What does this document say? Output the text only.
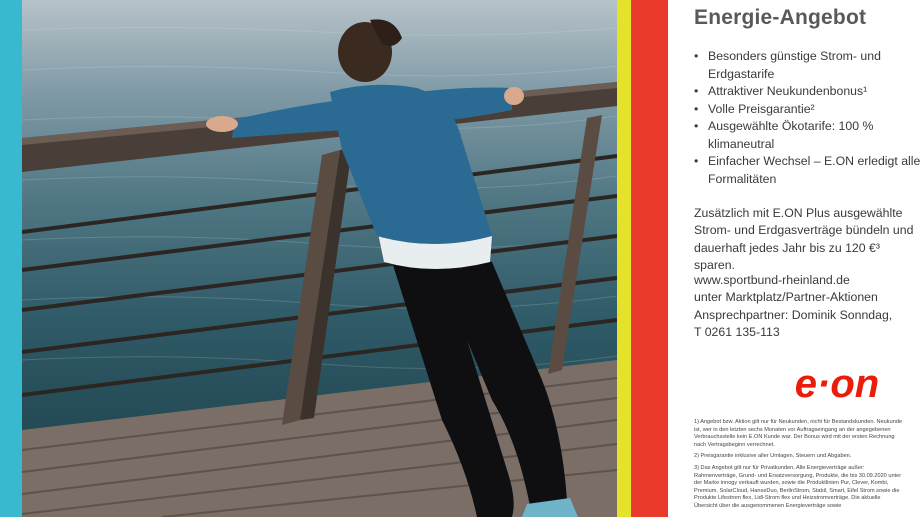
Energie-Angebot
• Besonders günstige Strom- und Erdgastarife
• Attraktiver Neukundenbonus¹
• Volle Preisgarantie²
• Ausgewählte Ökotarife: 100 % klimaneutral
• Einfacher Wechsel – E.ON erledigt alle Formalitäten
Zusätzlich mit E.ON Plus ausgewählte Strom- und Erdgasverträge bündeln und dauerhaft jedes Jahr bis zu 120 €³ sparen.
www.sportbund-rheinland.de
unter Marktplatz/Partner-Aktionen
Ansprechpartner: Dominik Sonndag,
T 0261 135-113
e·on

1) Angebot bzw. Aktion gilt nur für Neukunden, nicht für Bestandskunden. Neukunde ist, wer in den letzten sechs Monaten vor Auftragseingang an der angegebenen Verbrauchsstelle kein E.ON Kunde war. Der Bonus wird mit der ersten Rechnung nach Vertragsbeginn verrechnet.

2) Preisgarantie inklusive aller Umlagen, Steuern und Abgaben.

3) Das Angebot gilt nur für Privatkunden. Alle Energieverträge außer: Rahmenverträge, Grund- und Ersatzversorgung, Produkte, die bis 30.09.2020 unter der Marke innogy verkauft wurden, sowie die Produktlinien Pur, Clever, Kombi, Premium, SolarCloud, HanseDuo, BerlinStrom, Stabil, Smart, Eifel Strom sowie die Produkte Lifestrom flex, Lidl-Strom flex und Heizstromverträge. Die aktuelle Übersicht über die ausgenommenen Energieverträge sowie
